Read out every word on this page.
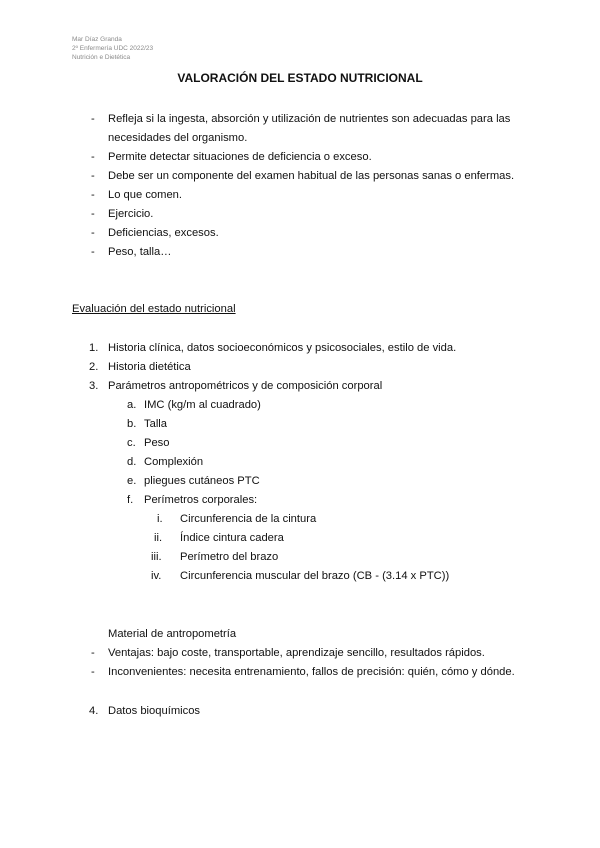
Mar Díaz Granda
2º Enfermería UDC 2022/23
Nutrición e Dietética
VALORACIÓN DEL ESTADO NUTRICIONAL
- Refleja si la ingesta, absorción y utilización de nutrientes son adecuadas para las
necesidades del organismo.
- Permite detectar situaciones de deficiencia o exceso.
- Debe ser un componente del examen habitual de las personas sanas o enfermas.
- Lo que comen.
- Ejercicio.
- Deficiencias, excesos.
- Peso, talla…
Evaluación del estado nutricional
1. Historia clínica, datos socioeconómicos y psicosociales, estilo de vida.
2. Historia dietética
3. Parámetros antropométricos y de composición corporal
a. IMC (kg/m al cuadrado)
b. Talla
c. Peso
d. Complexión
e. pliegues cutáneos PTC
f. Perímetros corporales:
i. Circunferencia de la cintura
ii. Índice cintura cadera
iii. Perímetro del brazo
iv. Circunferencia muscular del brazo (CB - (3.14 x PTC))
Material de antropometría
- Ventajas: bajo coste, transportable, aprendizaje sencillo, resultados rápidos.
- Inconvenientes: necesita entrenamiento, fallos de precisión: quién, cómo y dónde.
4. Datos bioquímicos
